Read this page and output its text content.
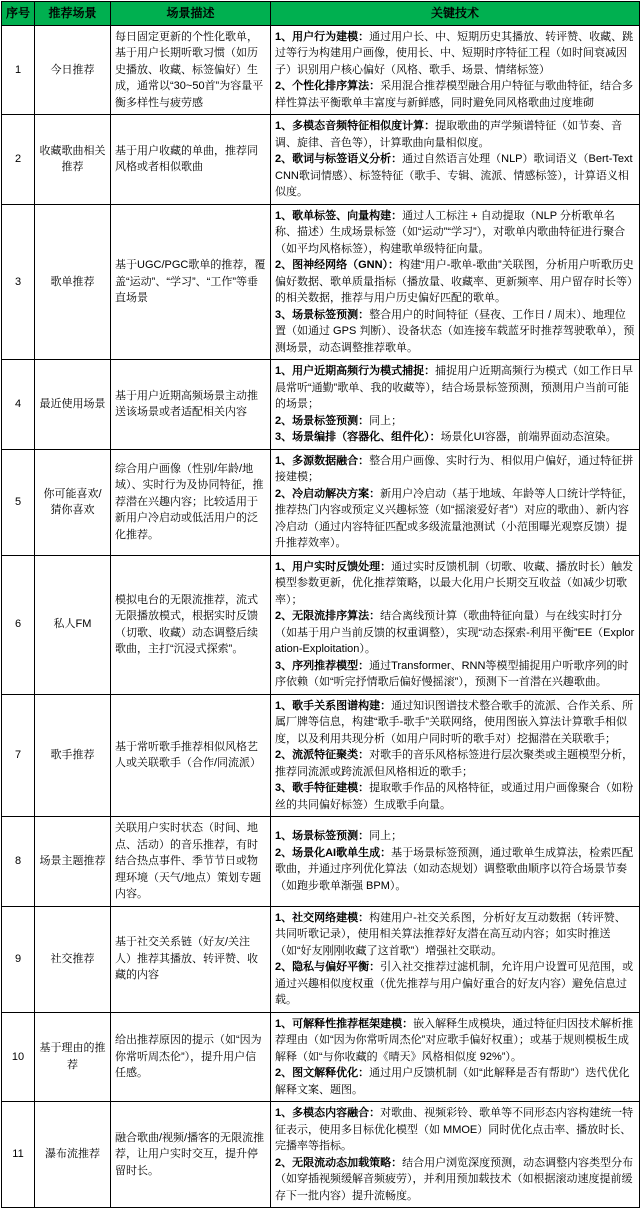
序号	推荐场景	场景描述	关键技术
1	今日推荐	每日固定更新的个性化歌单，基于用户长期听歌习惯（如历史播放、收藏、标签偏好）生成，通常以“30~50首”为容量平衡多样性与疲劳感	1、用户行为建模：通过用户长、中、短期历史其播放、转评赞、收藏、跳过等行为构建用户画像，使用长、中、短期时序特征工程（如时间衰减因子）识别用户核心偏好（风格、歌手、场景、情绪标签）
2、个性化排序算法：采用混合推荐模型融合用户特征与歌曲特征，结合多样性算法平衡歌单丰富度与新鲜感，同时避免同风格歌曲过度堆砌

2	收藏歌曲相关推荐	基于用户收藏的单曲，推荐同风格或者相似歌曲	1、多模态音频特征相似度计算：提取歌曲的声学频谱特征（如节奏、音调、旋律、音色等），计算歌曲向量相似度。
2、歌词与标签语义分析：通过自然语言处理（NLP）歌词语义（Bert-TextCNN歌词情感）、标签特征（歌手、专辑、流派、情感标签），计算语义相似度。

3	歌单推荐	基于UGC/PGC歌单的推荐，覆盖“运动”、“学习”、“工作”等垂直场景	1、歌单标签、向量构建：通过人工标注 + 自动提取（NLP 分析歌单名称、描述）生成场景标签（如“运动”“学习”），对歌单内歌曲特征进行聚合（如平均风格标签），构建歌单级特征向量。
2、图神经网络（GNN）：构建“用户-歌单-歌曲”关联图，分析用户听歌历史偏好数据、歌单质量指标（播放量、收藏率、更新频率、用户留存时长等）的相关数据，推荐与用户历史偏好匹配的歌单。
3、场景标签预测：整合用户的时间特征（昼夜、工作日 / 周末）、地理位置（如通过 GPS 判断）、设备状态（如连接车载蓝牙时推荐驾驶歌单），预测场景，动态调整推荐歌单。

4	最近使用场景	基于用户近期高频场景主动推送该场景或者适配相关内容	1、用户近期高频行为模式捕捉：捕捉用户近期高频行为模式（如工作日早晨常听“通勤”歌单、我的收藏等），结合场景标签预测，预测用户当前可能的场景；
2、场景标签预测：同上；
3、场景编排（容器化、组件化）：场景化UI容器，前端界面动态渲染。

5	你可能喜欢/猜你喜欢	综合用户画像（性别/年龄/地域）、实时行为及协同特征，推荐潜在兴趣内容；比较适用于新用户冷启动或低活用户的泛化推荐。	1、多源数据融合：整合用户画像、实时行为、相似用户偏好，通过特征拼接建模；
2、冷启动解决方案：新用户冷启动（基于地域、年龄等人口统计学特征，推荐热门内容或预定义兴趣标签（如“摇滚爱好者”）对应的歌曲）、新内容冷启动（通过内容特征匹配或多级流量池测试（小范围曝光观察反馈）提升推荐效率）。

6	私人FM	模拟电台的无限流推荐，流式无限播放模式，根据实时反馈（切歌、收藏）动态调整后续歌曲，主打“沉浸式探索”。	1、用户实时反馈处理：通过实时反馈机制（切歌、收藏、播放时长）触发模型参数更新，优化推荐策略，以最大化用户长期交互收益（如减少切歌率）；
2、无限流排序算法：结合离线预计算（歌曲特征向量）与在线实时打分（如基于用户当前反馈的权重调整），实现“动态探索-利用平衡”EE（Exploration-Exploitation）。
3、序列推荐模型：通过Transformer、RNN等模型捕捉用户听歌序列的时序依赖（如“听完抒情歌后偏好慢摇滚”），预测下一首潜在兴趣歌曲。

7	歌手推荐	基于常听歌手推荐相似风格艺人或关联歌手（合作/同流派）	1、歌手关系图谱构建：通过知识图谱技术整合歌手的流派、合作关系、所属厂牌等信息，构建“歌手-歌手”关联网络，使用图嵌入算法计算歌手相似度，以及利用共现分析（如用户同时听的歌手对）挖掘潜在关联歌手；
2、流派特征聚类：对歌手的音乐风格标签进行层次聚类或主题模型分析，推荐同流派或跨流派但风格相近的歌手；
3、歌手特征建模：提取歌手作品的风格特征，或通过用户画像聚合（如粉丝的共同偏好标签）生成歌手向量。

8	场景主题推荐	关联用户实时状态（时间、地点、活动）的音乐推荐，有时结合热点事件、季节节日或物理环境（天气/地点）策划专题内容。	1、场景标签预测：同上；
2、场景化AI歌单生成：基于场景标签预测，通过歌单生成算法，检索匹配歌曲，并通过序列优化算法（如动态规划）调整歌曲顺序以符合场景节奏（如跑步歌单渐强 BPM）。

9	社交推荐	基于社交关系链（好友/关注人）推荐其播放、转评赞、收藏的内容	1、社交网络建模：构建用户-社交关系图，分析好友互动数据（转评赞、共同听歌记录），使用相关算法推荐好友潜在高互动内容；如实时推送（如“好友刚刚收藏了这首歌”）增强社交联动。
2、隐私与偏好平衡：引入社交推荐过滤机制，允许用户设置可见范围，或通过兴趣相似度权重（优先推荐与用户偏好重合的好友内容）避免信息过载。

10	基于理由的推荐	给出推荐原因的提示（如“因为你常听周杰伦”），提升用户信任感。	1、可解释性推荐框架建模：嵌入解释生成模块，通过特征归因技术解析推荐理由（如“因为你常听周杰伦”对应歌手偏好权重）；或基于规则模板生成解释（如“与你收藏的《晴天》风格相似度 92%”）。
2、图文解释优化：通过用户反馈机制（如“此解释是否有帮助”）迭代优化解释文案、题图。

11	瀑布流推荐	融合歌曲/视频/播客的无限流推荐，让用户实时交互，提升停留时长。	1、多模态内容融合：对歌曲、视频彩铃、歌单等不同形态内容构建统一特征表示，使用多目标优化模型（如 MMOE）同时优化点击率、播放时长、完播率等指标。
2、无限流动态加载策略：结合用户浏览深度预测，动态调整内容类型分布（如穿插视频缓解音频疲劳），并利用预加载技术（如根据滚动速度提前缓存下一批内容）提升流畅度。
